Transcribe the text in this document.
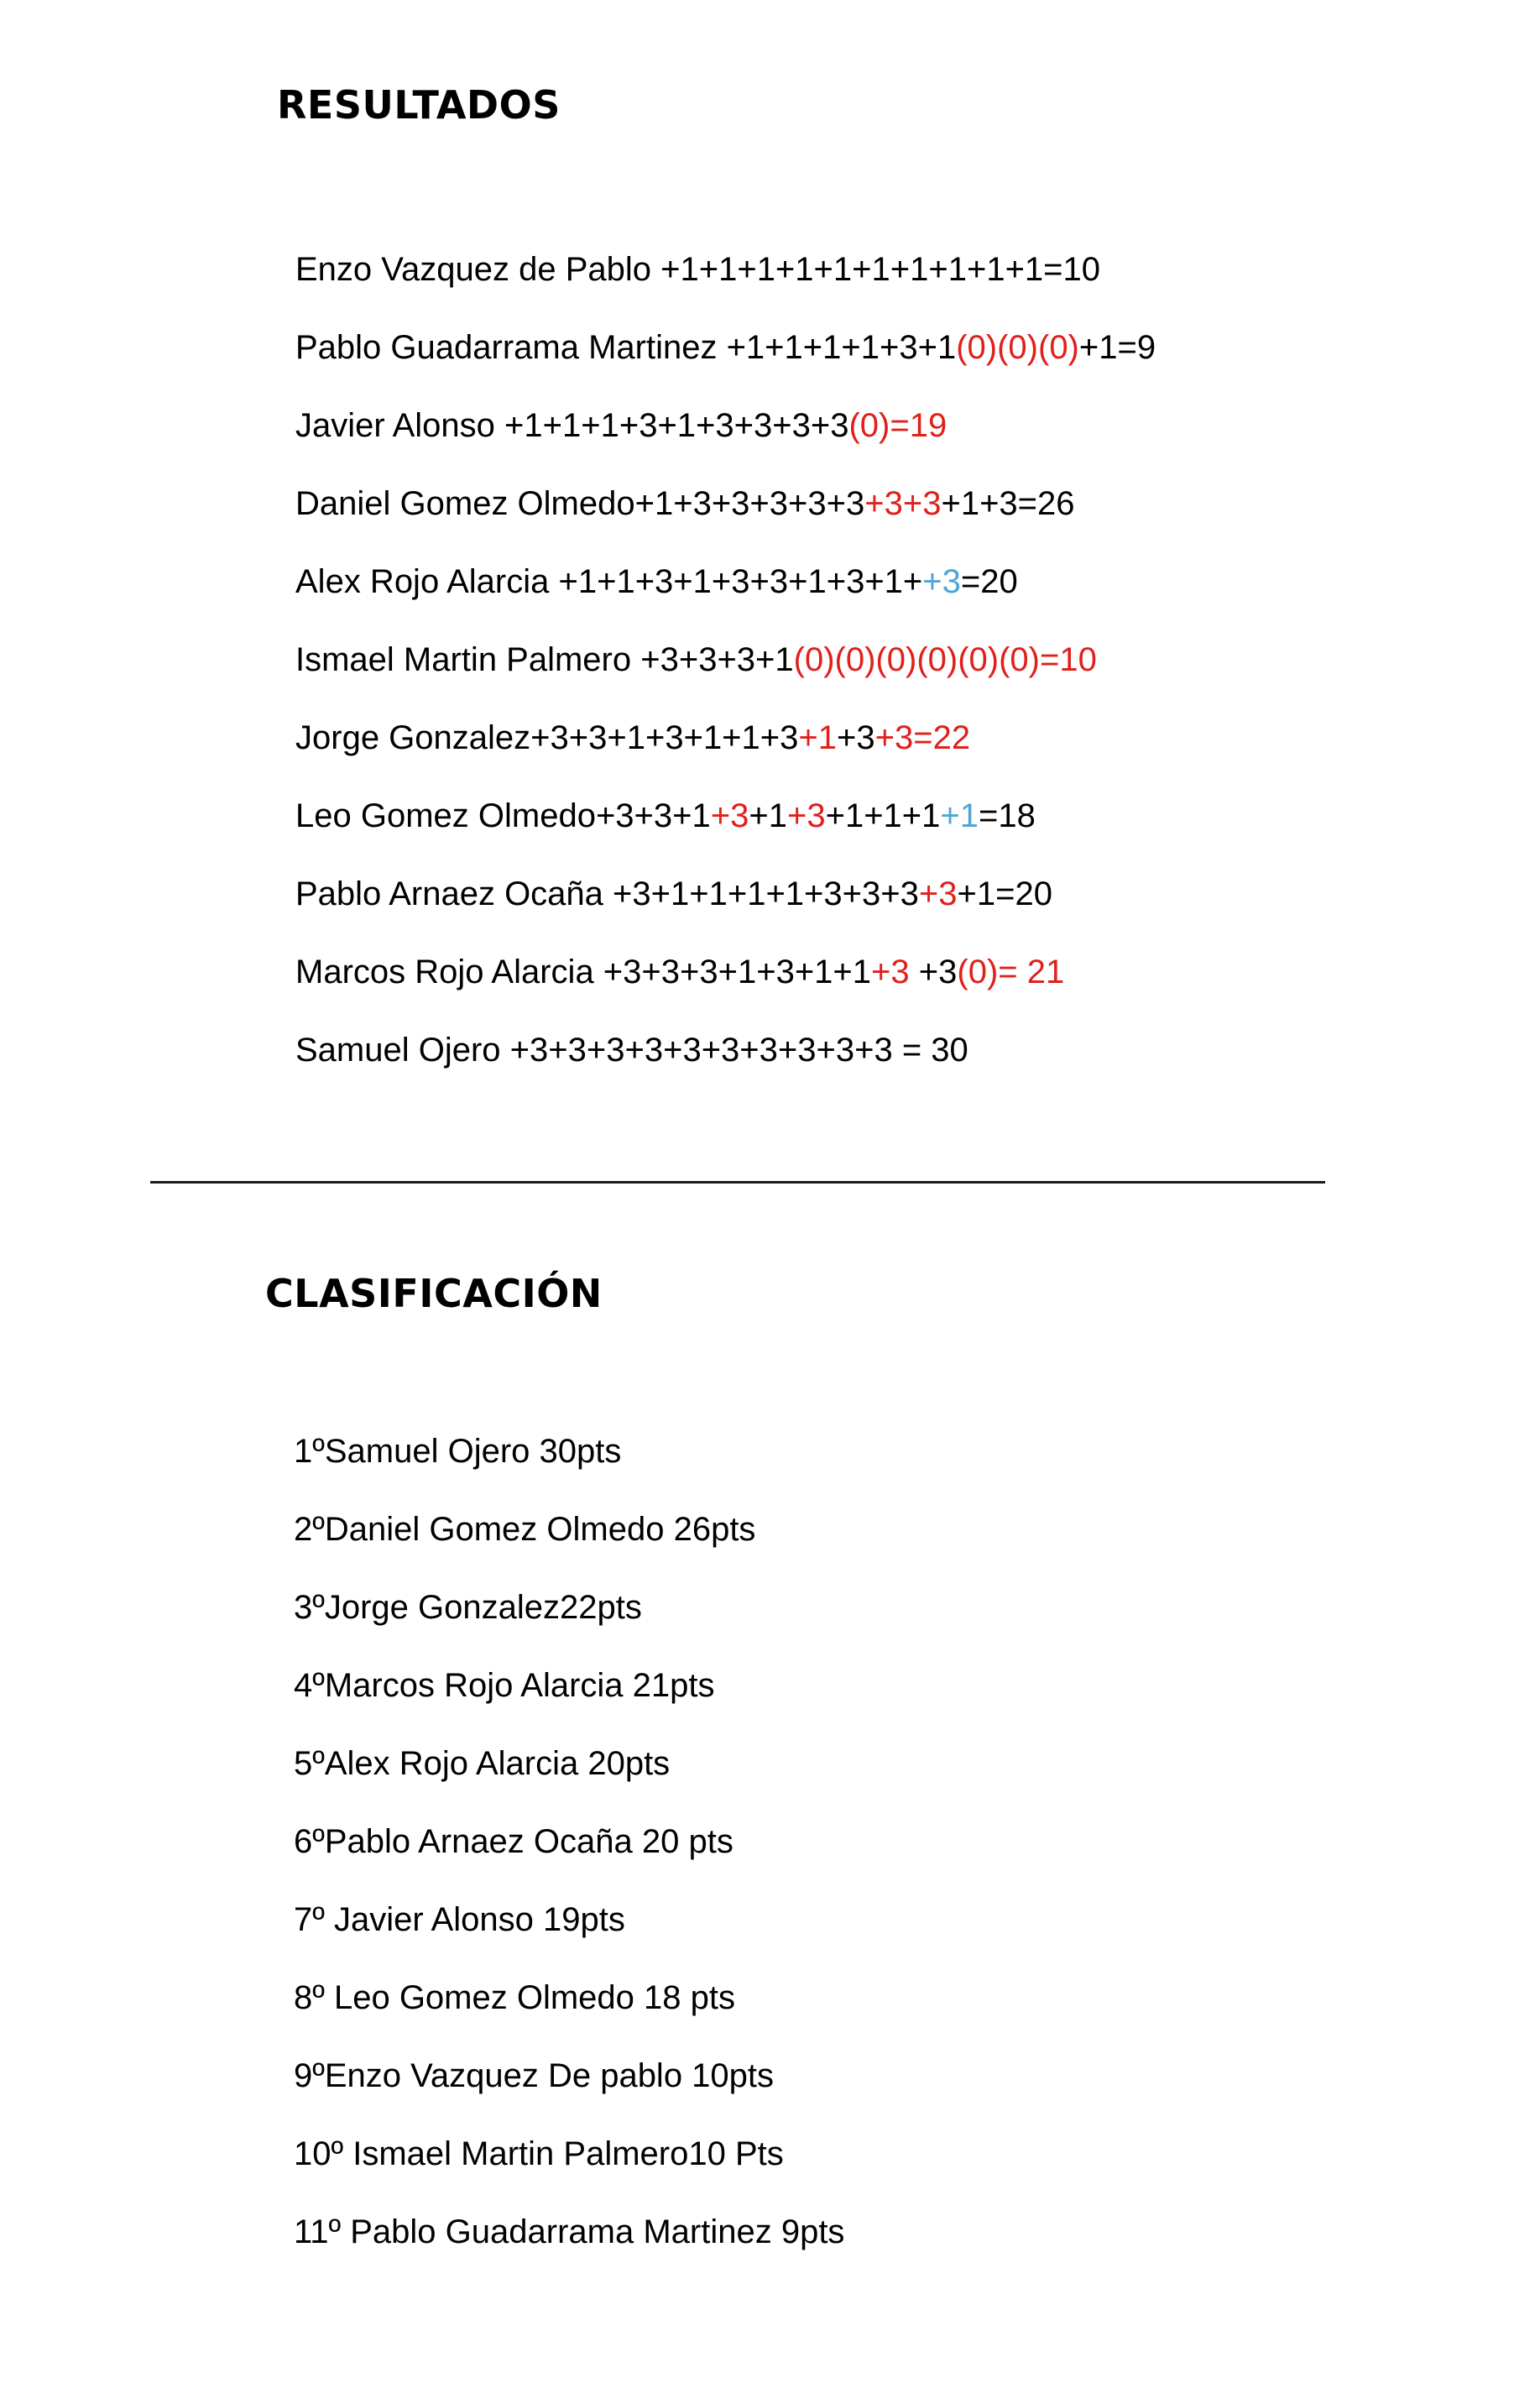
RESULTADOS
Enzo Vazquez de Pablo +1+1+1+1+1+1+1+1+1+1=10
Pablo Guadarrama Martinez +1+1+1+1+3+1(0)(0)(0)+1=9
Javier Alonso +1+1+1+3+1+3+3+3+3(0)=19
Daniel Gomez Olmedo+1+3+3+3+3+3+3+3+1+3=26
Alex Rojo Alarcia +1+1+3+1+3+3+1+3+1++3=20
Ismael Martin Palmero +3+3+3+1(0)(0)(0)(0)(0)(0)=10
Jorge Gonzalez+3+3+1+3+1+1+3+1+3+3=22
Leo Gomez Olmedo+3+3+1+3+1+3+1+1+1+1=18
Pablo Arnaez Ocaña +3+1+1+1+1+3+3+3+3+1=20
Marcos Rojo Alarcia +3+3+3+1+3+1+1+3 +3(0)= 21
Samuel Ojero +3+3+3+3+3+3+3+3+3+3 = 30
CLASIFICACIÓN
1ºSamuel Ojero 30pts
2ºDaniel Gomez Olmedo 26pts
3ºJorge Gonzalez22pts
4ºMarcos Rojo Alarcia 21pts
5ºAlex Rojo Alarcia 20pts
6ºPablo Arnaez Ocaña 20 pts
7º Javier Alonso 19pts
8º Leo Gomez Olmedo 18 pts
9ºEnzo Vazquez De pablo 10pts
10º Ismael Martin Palmero10 Pts
11º Pablo Guadarrama Martinez 9pts
